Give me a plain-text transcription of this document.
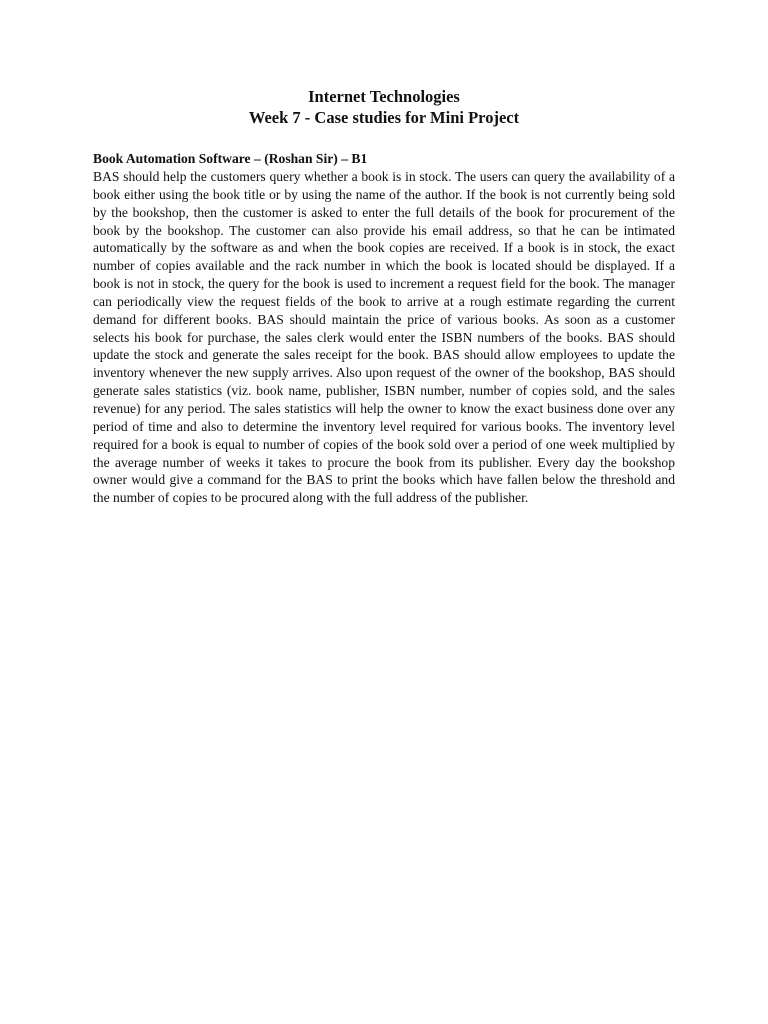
Internet Technologies

Week 7 - Case studies for Mini Project

Book Automation Software – (Roshan Sir) – B1

BAS should help the customers query whether a book is in stock. The users can query the availability of a book either using the book title or by using the name of the author. If the book is not currently being sold by the bookshop, then the customer is asked to enter the full details of the book for procurement of the book by the bookshop. The customer can also provide his email address, so that he can be intimated automatically by the software as and when the book copies are received. If a book is in stock, the exact number of copies available and the rack number in which the book is located should be displayed. If a book is not in stock, the query for the book is used to increment a request field for the book. The manager can periodically view the request fields of the book to arrive at a rough estimate regarding the current demand for different books. BAS should maintain the price of various books. As soon as a customer selects his book for purchase, the sales clerk would enter the ISBN numbers of the books. BAS should update the stock and generate the sales receipt for the book. BAS should allow employees to update the inventory whenever the new supply arrives. Also upon request of the owner of the bookshop, BAS should generate sales statistics (viz. book name, publisher, ISBN number, number of copies sold, and the sales revenue) for any period. The sales statistics will help the owner to know the exact business done over any period of time and also to determine the inventory level required for various books. The inventory level required for a book is equal to number of copies of the book sold over a period of one week multiplied by the average number of weeks it takes to procure the book from its publisher. Every day the bookshop owner would give a command for the BAS to print the books which have fallen below the threshold and the number of copies to be procured along with the full address of the publisher.
